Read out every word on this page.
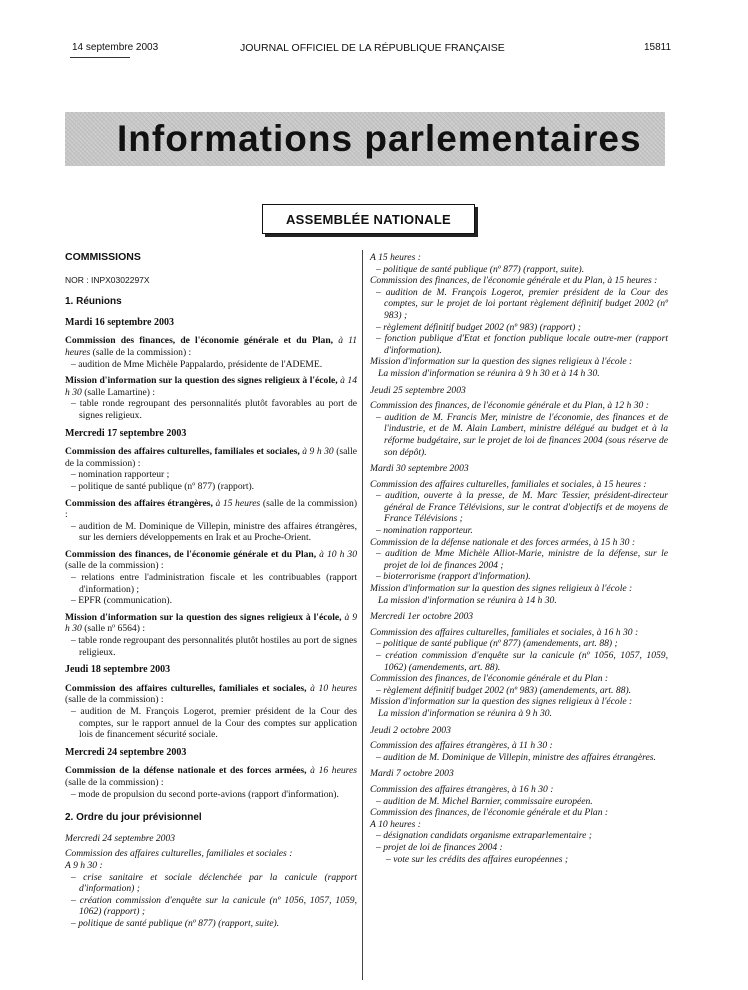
14 septembre 2003	JOURNAL OFFICIEL DE LA RÉPUBLIQUE FRANÇAISE	15811
Informations parlementaires
ASSEMBLÉE NATIONALE

COMMISSIONS

NOR : INPX0302297X

1. Réunions

Mardi 16 septembre 2003

Commission des finances, de l'économie générale et du Plan, à 11 heures (salle de la commission) :

– audition de Mme Michèle Pappalardo, présidente de l'ADEME.

Mission d'information sur la question des signes religieux à l'école, à 14 h 30 (salle Lamartine) :

– table ronde regroupant des personnalités plutôt favorables au port de signes religieux.

Mercredi 17 septembre 2003

Commission des affaires culturelles, familiales et sociales, à 9 h 30 (salle de la commission) :

– nomination rapporteur ;

– politique de santé publique (nº 877) (rapport).

Commission des affaires étrangères, à 15 heures (salle de la commission) :

– audition de M. Dominique de Villepin, ministre des affaires étrangères, sur les derniers développements en Irak et au Proche-Orient.

Commission des finances, de l'économie générale et du Plan, à 10 h 30 (salle de la commission) :

– relations entre l'administration fiscale et les contribuables (rapport d'information) ;

– EPFR (communication).

Mission d'information sur la question des signes religieux à l'école, à 9 h 30 (salle nº 6564) :

– table ronde regroupant des personnalités plutôt hostiles au port de signes religieux.

Jeudi 18 septembre 2003

Commission des affaires culturelles, familiales et sociales, à 10 heures (salle de la commission) :

– audition de M. François Logerot, premier président de la Cour des comptes, sur le rapport annuel de la Cour des comptes sur application lois de financement sécurité sociale.

Mercredi 24 septembre 2003

Commission de la défense nationale et des forces armées, à 16 heures (salle de la commission) :

– mode de propulsion du second porte-avions (rapport d'information).

2. Ordre du jour prévisionnel

Mercredi 24 septembre 2003

Commission des affaires culturelles, familiales et sociales :

A 9 h 30 :

– crise sanitaire et sociale déclenchée par la canicule (rapport d'information) ;

– création commission d'enquête sur la canicule (nº 1056, 1057, 1059, 1062) (rapport) ;

– politique de santé publique (nº 877) (rapport, suite).

A 15 heures :

– politique de santé publique (nº 877) (rapport, suite).

Commission des finances, de l'économie générale et du Plan, à 15 heures :

– audition de M. François Logerot, premier président de la Cour des comptes, sur le projet de loi portant règlement définitif budget 2002 (nº 983) ;

– règlement définitif budget 2002 (nº 983) (rapport) ;

– fonction publique d'Etat et fonction publique locale outre-mer (rapport d'information).

Mission d'information sur la question des signes religieux à l'école :

La mission d'information se réunira à 9 h 30 et à 14 h 30.

Jeudi 25 septembre 2003

Commission des finances, de l'économie générale et du Plan, à 12 h 30 :

– audition de M. Francis Mer, ministre de l'économie, des finances et de l'industrie, et de M. Alain Lambert, ministre délégué au budget et à la réforme budgétaire, sur le projet de loi de finances 2004 (sous réserve de son dépôt).

Mardi 30 septembre 2003

Commission des affaires culturelles, familiales et sociales, à 15 heures :

– audition, ouverte à la presse, de M. Marc Tessier, président-directeur général de France Télévisions, sur le contrat d'objectifs et de moyens de France Télévisions ;

– nomination rapporteur.

Commission de la défense nationale et des forces armées, à 15 h 30 :

– audition de Mme Michèle Alliot-Marie, ministre de la défense, sur le projet de loi de finances 2004 ;

– bioterrorisme (rapport d'information).

Mission d'information sur la question des signes religieux à l'école :

La mission d'information se réunira à 14 h 30.

Mercredi 1er octobre 2003

Commission des affaires culturelles, familiales et sociales, à 16 h 30 :

– politique de santé publique (nº 877) (amendements, art. 88) ;

– création commission d'enquête sur la canicule (nº 1056, 1057, 1059, 1062) (amendements, art. 88).

Commission des finances, de l'économie générale et du Plan :

– règlement définitif budget 2002 (nº 983) (amendements, art. 88).

Mission d'information sur la question des signes religieux à l'école :

La mission d'information se réunira à 9 h 30.

Jeudi 2 octobre 2003

Commission des affaires étrangères, à 11 h 30 :

– audition de M. Dominique de Villepin, ministre des affaires étrangères.

Mardi 7 octobre 2003

Commission des affaires étrangères, à 16 h 30 :

– audition de M. Michel Barnier, commissaire européen.

Commission des finances, de l'économie générale et du Plan :

A 10 heures :

– désignation candidats organisme extraparlementaire ;

– projet de loi de finances 2004 :

– vote sur les crédits des affaires européennes ;
